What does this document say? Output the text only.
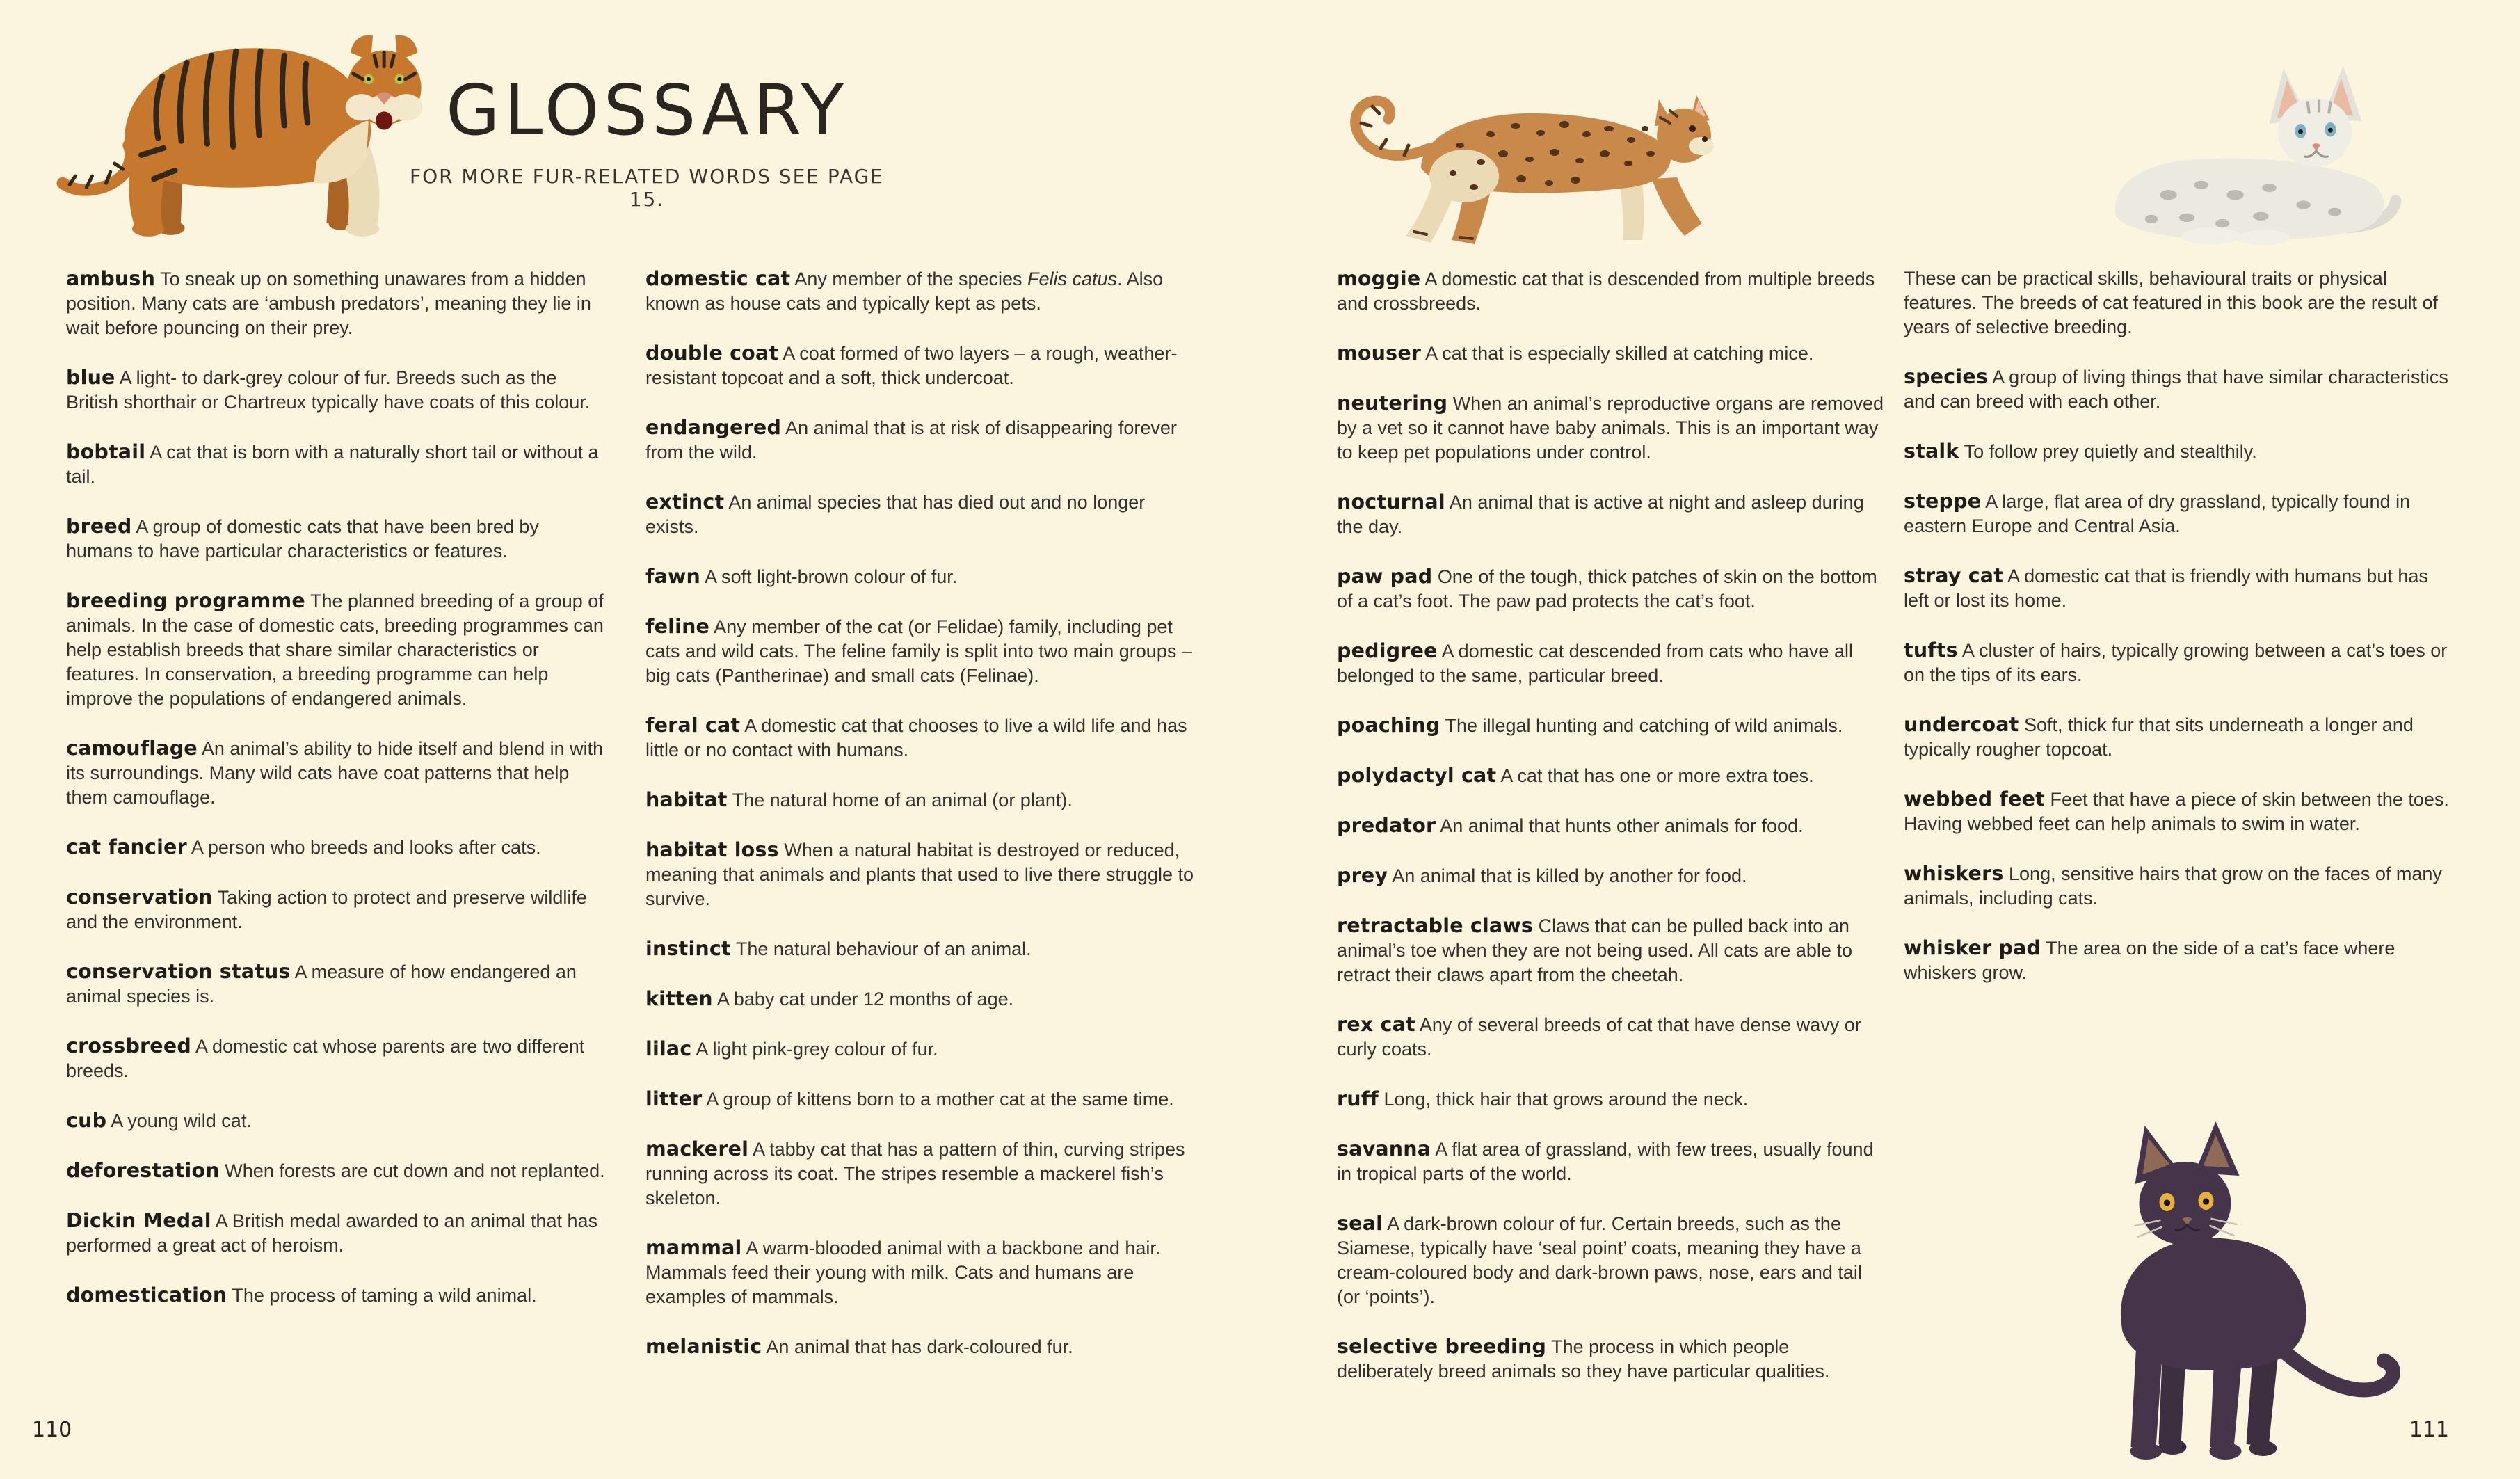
GLOSSARY
FOR MORE FUR-RELATED WORDS SEE PAGE 15.

ambush To sneak up on something unawares from a hidden position. Many cats are ‘ambush predators’, meaning they lie in wait before pouncing on their prey.

blue A light- to dark-grey colour of fur. Breeds such as the British shorthair or Chartreux typically have coats of this colour.

bobtail A cat that is born with a naturally short tail or without a tail.

breed A group of domestic cats that have been bred by humans to have particular characteristics or features.

breeding programme The planned breeding of a group of animals. In the case of domestic cats, breeding programmes can help establish breeds that share similar characteristics or features. In conservation, a breeding programme can help improve the populations of endangered animals.

camouflage An animal’s ability to hide itself and blend in with its surroundings. Many wild cats have coat patterns that help them camouflage.

cat fancier A person who breeds and looks after cats.

conservation Taking action to protect and preserve wildlife and the environment.

conservation status A measure of how endangered an animal species is.

crossbreed A domestic cat whose parents are two different breeds.

cub A young wild cat.

deforestation When forests are cut down and not replanted.

Dickin Medal A British medal awarded to an animal that has performed a great act of heroism.

domestication The process of taming a wild animal.

domestic cat Any member of the species Felis catus. Also known as house cats and typically kept as pets.

double coat A coat formed of two layers – a rough, weather-resistant topcoat and a soft, thick undercoat.

endangered An animal that is at risk of disappearing forever from the wild.

extinct An animal species that has died out and no longer exists.

fawn A soft light-brown colour of fur.

feline Any member of the cat (or Felidae) family, including pet cats and wild cats. The feline family is split into two main groups – big cats (Pantherinae) and small cats (Felinae).

feral cat A domestic cat that chooses to live a wild life and has little or no contact with humans.

habitat The natural home of an animal (or plant).

habitat loss When a natural habitat is destroyed or reduced, meaning that animals and plants that used to live there struggle to survive.

instinct The natural behaviour of an animal.

kitten A baby cat under 12 months of age.

lilac A light pink-grey colour of fur.

litter A group of kittens born to a mother cat at the same time.

mackerel A tabby cat that has a pattern of thin, curving stripes running across its coat. The stripes resemble a mackerel fish’s skeleton.

mammal A warm-blooded animal with a backbone and hair. Mammals feed their young with milk. Cats and humans are examples of mammals.

melanistic An animal that has dark-coloured fur.

moggie A domestic cat that is descended from multiple breeds and crossbreeds.

mouser A cat that is especially skilled at catching mice.

neutering When an animal’s reproductive organs are removed by a vet so it cannot have baby animals. This is an important way to keep pet populations under control.

nocturnal An animal that is active at night and asleep during the day.

paw pad One of the tough, thick patches of skin on the bottom of a cat’s foot. The paw pad protects the cat’s foot.

pedigree A domestic cat descended from cats who have all belonged to the same, particular breed.

poaching The illegal hunting and catching of wild animals.

polydactyl cat A cat that has one or more extra toes.

predator An animal that hunts other animals for food.

prey An animal that is killed by another for food.

retractable claws Claws that can be pulled back into an animal’s toe when they are not being used. All cats are able to retract their claws apart from the cheetah.

rex cat Any of several breeds of cat that have dense wavy or curly coats.

ruff Long, thick hair that grows around the neck.

savanna A flat area of grassland, with few trees, usually found in tropical parts of the world.

seal A dark-brown colour of fur. Certain breeds, such as the Siamese, typically have ‘seal point’ coats, meaning they have a cream-coloured body and dark-brown paws, nose, ears and tail (or ‘points’).

selective breeding The process in which people deliberately breed animals so they have particular qualities.

These can be practical skills, behavioural traits or physical features. The breeds of cat featured in this book are the result of years of selective breeding.

species A group of living things that have similar characteristics and can breed with each other.

stalk To follow prey quietly and stealthily.

steppe A large, flat area of dry grassland, typically found in eastern Europe and Central Asia.

stray cat A domestic cat that is friendly with humans but has left or lost its home.

tufts A cluster of hairs, typically growing between a cat’s toes or on the tips of its ears.

undercoat Soft, thick fur that sits underneath a longer and typically rougher topcoat.

webbed feet Feet that have a piece of skin between the toes. Having webbed feet can help animals to swim in water.

whiskers Long, sensitive hairs that grow on the faces of many animals, including cats.

whisker pad The area on the side of a cat’s face where whiskers grow.

110	111
